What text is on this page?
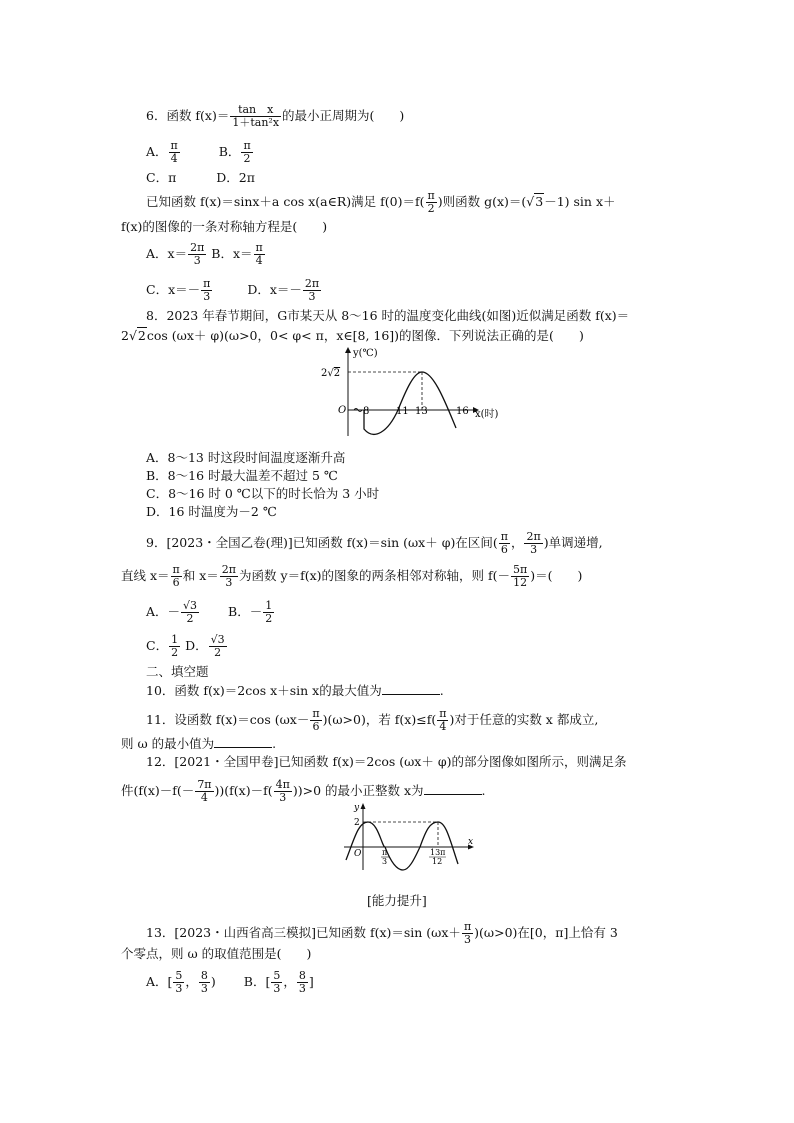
6．函数 $f(x)= \frac{\text{tan　x}}{\text{1＋tan²x}}$ 的最小正周期为(　　)
A． $\frac{\pi}{4}$	B． $\frac{\pi}{2}$
C．π	D．2π
已知函数 f(x)＝sinx＋a cos x(a∈R)满足 $f(0)=f( \frac{\pi}{2}$ )则函数 g(x)＝(√3－1) sin x＋
f(x)的图像的一条对称轴方程是(　　)
A．$x= \frac{2\pi}{3}$ B．$x= \frac{\pi}{4}$
C．$x=- \frac{\pi}{3}$	D．$x=- \frac{2\pi}{3}$
8．2023 年春节期间，G市某天从 8～16 时的温度变化曲线(如图)近似满足函数 f(x)＝
2√2cos (ωx＋ φ)(ω>0，0< φ< π，x∈[8, 16])的图像．下列说法正确的是(　　)
y(℃)
2√2
O 8	11 13	16 x(时)
A．8～13 时这段时间温度逐渐升高
B．8～16 时最大温差不超过 5 ℃
C．8～16 时 0 ℃以下的时长恰为 3 小时
D．16 时温度为－2 ℃
9．[2023・全国乙卷(理)]已知函数 f(x)＝sin (ωx＋ φ)在区间( $\frac{\pi}{6}$ ， $\frac{2\pi}{3}$ )单调递增,
直线 $x= \frac{\pi}{6}$ 和 $x= \frac{2\pi}{3}$ 为函数 y＝f(x)的图象的两条相邻对称轴，则 $f(- \frac{5\pi}{12}$ )＝(　　)
A．－ $\frac{√3}{2}$ B．－ $\frac{1}{2}$
C． $\frac{1}{2}$ D． $\frac{√3}{2}$
二、填空题
10．函数 f(x)＝2cos x＋sin x的最大值为	.
11．设函数 f(x)＝cos $(\omega x- \frac{\pi}{6} )(\omega>0)$，若 $f(x)\le f( \frac{\pi}{4}$ )对于任意的实数 x 都成立,
则 ω 的最小值为	.
12．[2021・全国甲卷]已知函数 f(x)＝2cos (ωx＋ φ)的部分图像如图所示，则满足条
件$(f(x)-f(- \frac{7\pi}{4} ))(f(x)-f( \frac{4\pi}{3} ))>0$ 的最小正整数 x为	.
y
2
O	π
3
13π
12
x
[能力提升]
13．[2023・山西省高三模拟]已知函数 f(x)＝sin $(\omega x+ \frac{\pi}{3} )(\omega>0)$在[0，π]上恰有 3
个零点，则 ω 的取值范围是(　　)
A．[ $\frac{5}{3}$ ， $\frac{8}{3}$ ) B．[ $\frac{5}{3}$ ， $\frac{8}{3}$ ]
